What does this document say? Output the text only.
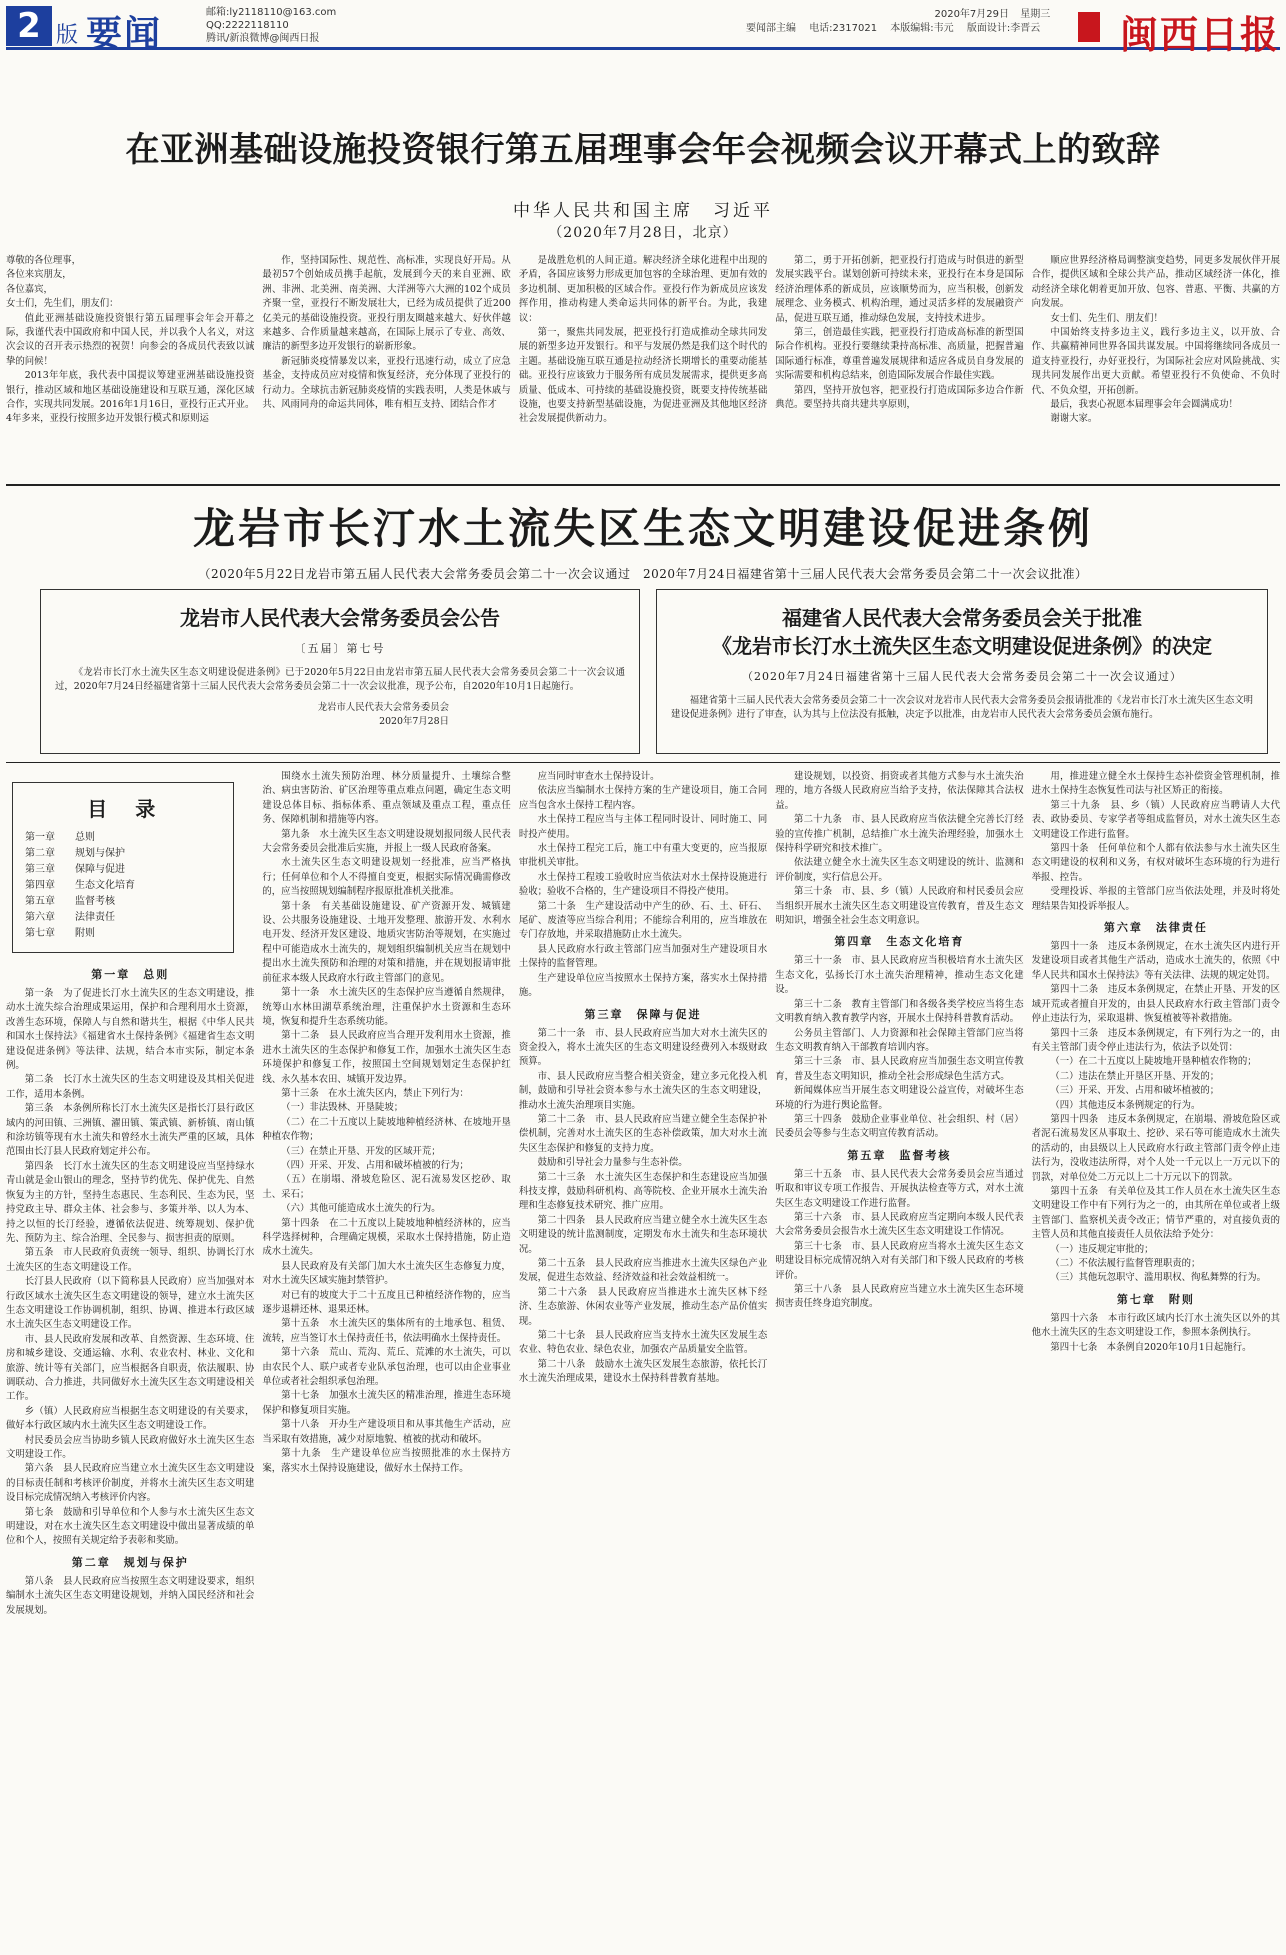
2 版 要闻
邮箱:ly2118110@163.com
QQ:2222118110
腾讯/新浪微博@闽西日报
2020年7月29日 星期三
要闻部主编 电话:2317021 本版编辑:韦元 版面设计:李晋云 闽西日报
在亚洲基础设施投资银行第五届理事会年会视频会议开幕式上的致辞
中华人民共和国主席　习近平
（2020年7月28日，北京）

尊敬的各位理事，

各位来宾朋友，

各位嘉宾，

女士们，先生们，朋友们：

值此亚洲基础设施投资银行第五届理事会年会开幕之际，我谨代表中国政府和中国人民，并以我个人名义，对这次会议的召开表示热烈的祝贺！向参会的各成员代表致以诚挚的问候！

2013年年底，我代表中国提议筹建亚洲基础设施投资银行，推动区域和地区基础设施建设和互联互通，深化区域合作，实现共同发展。2016年1月16日，亚投行正式开业。4年多来，亚投行按照多边开发银行模式和原则运

作，坚持国际性、规范性、高标准，实现良好开局。从最初57个创始成员携手起航，发展到今天的来自亚洲、欧洲、非洲、北美洲、南美洲、大洋洲等六大洲的102个成员齐聚一堂，亚投行不断发展壮大，已经为成员提供了近200亿美元的基础设施投资。亚投行朋友圈越来越大、好伙伴越来越多、合作质量越来越高，在国际上展示了专业、高效、廉洁的新型多边开发银行的崭新形象。

新冠肺炎疫情暴发以来，亚投行迅速行动，成立了应急基金，支持成员应对疫情和恢复经济，充分体现了亚投行的行动力。全球抗击新冠肺炎疫情的实践表明，人类是休戚与共、风雨同舟的命运共同体，唯有相互支持、团结合作才

是战胜危机的人间正道。解决经济全球化进程中出现的矛盾，各国应该努力形成更加包容的全球治理、更加有效的多边机制、更加积极的区域合作。亚投行作为新成员应该发挥作用，推动构建人类命运共同体的新平台。为此，我建议：

第一，聚焦共同发展，把亚投行打造成推动全球共同发展的新型多边开发银行。和平与发展仍然是我们这个时代的主题。基础设施互联互通是拉动经济长期增长的重要动能基础。亚投行应该致力于服务所有成员发展需求，提供更多高质量、低成本、可持续的基础设施投资，既要支持传统基础设施，也要支持新型基础设施，为促进亚洲及其他地区经济社会发展提供新动力。

第二，勇于开拓创新，把亚投行打造成与时俱进的新型发展实践平台。谋划创新可持续未来，亚投行在本身是国际经济治理体系的新成员，应该顺势而为，应当积极，创新发展理念、业务模式、机构治理，通过灵活多样的发展融资产品，促进互联互通，推动绿色发展，支持技术进步。

第三，创造最佳实践，把亚投行打造成高标准的新型国际合作机构。亚投行要继续秉持高标准、高质量，把握普遍国际通行标准，尊重普遍发展规律和适应各成员自身发展的实际需要和机构总结来，创造国际发展合作最佳实践。

第四，坚持开放包容，把亚投行打造成国际多边合作新典范。要坚持共商共建共享原则，

顺应世界经济格局调整演变趋势，同更多发展伙伴开展合作，提供区域和全球公共产品，推动区域经济一体化，推动经济全球化朝着更加开放、包容、普惠、平衡、共赢的方向发展。

女士们、先生们、朋友们！

中国始终支持多边主义，践行多边主义，以开放、合作、共赢精神同世界各国共谋发展。中国将继续同各成员一道支持亚投行，办好亚投行，为国际社会应对风险挑战、实现共同发展作出更大贡献。希望亚投行不负使命、不负时代、不负众望，开拓创新。

最后，我衷心祝愿本届理事会年会圆满成功！

谢谢大家。

龙岩市长汀水土流失区生态文明建设促进条例
（2020年5月22日龙岩市第五届人民代表大会常务委员会第二十一次会议通过　2020年7月24日福建省第十三届人民代表大会常务委员会第二十一次会议批准）
龙岩市人民代表大会常务委员会公告
〔五届〕第七号
《龙岩市长汀水土流失区生态文明建设促进条例》已于2020年5月22日由龙岩市第五届人民代表大会常务委员会第二十一次会议通过，2020年7月24日经福建省第十三届人民代表大会常务委员会第二十一次会议批准，现予公布，自2020年10月1日起施行。
龙岩市人民代表大会常务委员会
2020年7月28日
福建省人民代表大会常务委员会关于批准
《龙岩市长汀水土流失区生态文明建设促进条例》的决定
（2020年7月24日福建省第十三届人民代表大会常务委员会第二十一次会议通过）
福建省第十三届人民代表大会常务委员会第二十一次会议对龙岩市人民代表大会常务委员会报请批准的《龙岩市长汀水土流失区生态文明建设促进条例》进行了审查，认为其与上位法没有抵触，决定予以批准，由龙岩市人民代表大会常务委员会颁布施行。
目　录
第一章 总则
第二章 规划与保护
第三章 保障与促进
第四章 生态文化培育
第五章 监督考核
第六章 法律责任
第七章 附则

第一章　总则

第一条　为了促进长汀水土流失区的生态文明建设，推动水土流失综合治理成果运用，保护和合理利用水土资源，改善生态环境，保障人与自然和谐共生，根据《中华人民共和国水土保持法》《福建省水土保持条例》《福建省生态文明建设促进条例》等法律、法规，结合本市实际，制定本条例。

第二条　长汀水土流失区的生态文明建设及其相关促进工作，适用本条例。

第三条　本条例所称长汀水土流失区是指长汀县行政区域内的河田镇、三洲镇、濯田镇、策武镇、新桥镇、南山镇和涂坊镇等现有水土流失和曾经水土流失严重的区域，具体范围由长汀县人民政府划定并公布。

第四条　长汀水土流失区的生态文明建设应当坚持绿水青山就是金山银山的理念，坚持节约优先、保护优先、自然恢复为主的方针，坚持生态惠民、生态利民、生态为民，坚持党政主导、群众主体、社会参与、多策并举、以人为本、持之以恒的长汀经验，遵循依法促进、统筹规划、保护优先、预防为主、综合治理、全民参与、损害担责的原则。

第五条　市人民政府负责统一领导、组织、协调长汀水土流失区的生态文明建设工作。

长汀县人民政府（以下简称县人民政府）应当加强对本行政区域水土流失区生态文明建设的领导，建立水土流失区生态文明建设工作协调机制，组织、协调、推进本行政区域水土流失区生态文明建设工作。

市、县人民政府发展和改革、自然资源、生态环境、住房和城乡建设、交通运输、水利、农业农村、林业、文化和旅游、统计等有关部门，应当根据各自职责，依法履职、协调联动、合力推进，共同做好水土流失区生态文明建设相关工作。

乡（镇）人民政府应当根据生态文明建设的有关要求，做好本行政区域内水土流失区生态文明建设工作。

村民委员会应当协助乡镇人民政府做好水土流失区生态文明建设工作。

第六条　县人民政府应当建立水土流失区生态文明建设的目标责任制和考核评价制度，并将水土流失区生态文明建设目标完成情况纳入考核评价内容。

第七条　鼓励和引导单位和个人参与水土流失区生态文明建设，对在水土流失区生态文明建设中做出显著成绩的单位和个人，按照有关规定给予表彰和奖励。

第二章　规划与保护

第八条　县人民政府应当按照生态文明建设要求，组织编制水土流失区生态文明建设规划，并纳入国民经济和社会发展规划。

围绕水土流失预防治理、林分质量提升、土壤综合整治、病虫害防治、矿区治理等重点难点问题，确定生态文明建设总体目标、指标体系、重点领域及重点工程，重点任务、保障机制和措施等内容。

第九条　水土流失区生态文明建设规划报同级人民代表大会常务委员会批准后实施，并报上一级人民政府备案。

水土流失区生态文明建设规划一经批准，应当严格执行；任何单位和个人不得擅自变更，根据实际情况确需修改的，应当按照规划编制程序报原批准机关批准。

第十条　有关基础设施建设、矿产资源开发、城镇建设、公共服务设施建设、土地开发整理、旅游开发、水利水电开发、经济开发区建设、地质灾害防治等规划，在实施过程中可能造成水土流失的，规划组织编制机关应当在规划中提出水土流失预防和治理的对策和措施，并在规划报请审批前征求本级人民政府水行政主管部门的意见。

第十一条　水土流失区的生态保护应当遵循自然规律，统筹山水林田湖草系统治理，注重保护水土资源和生态环境，恢复和提升生态系统功能。

第十二条　县人民政府应当合理开发利用水土资源，推进水土流失区的生态保护和修复工作，加强水土流失区生态环境保护和修复工作，按照国土空间规划划定生态保护红线、永久基本农田、城镇开发边界。

第十三条　在水土流失区内，禁止下列行为：

（一）非法毁林、开垦陡坡；

（二）在二十五度以上陡坡地种植经济林、在坡地开垦种植农作物；

（三）在禁止开垦、开发的区域开荒；

（四）开采、开发、占用和破坏植被的行为；

（五）在崩塌、滑坡危险区、泥石流易发区挖砂、取土、采石；

（六）其他可能造成水土流失的行为。

第十四条　在二十五度以上陡坡地种植经济林的，应当科学选择树种，合理确定规模，采取水土保持措施，防止造成水土流失。

县人民政府及有关部门加大水土流失区生态修复力度，对水土流失区域实施封禁管护。

对已有的坡度大于二十五度且已种植经济作物的，应当逐步退耕还林、退果还林。

第十五条　水土流失区的集体所有的土地承包、租赁、流转，应当签订水土保持责任书，依法明确水土保持责任。

第十六条　荒山、荒沟、荒丘、荒滩的水土流失，可以由农民个人、联户或者专业队承包治理，也可以由企业事业单位或者社会组织承包治理。

第十七条　加强水土流失区的精准治理，推进生态环境保护和修复项目实施。

第十八条　开办生产建设项目和从事其他生产活动，应当采取有效措施，减少对原地貌、植被的扰动和破坏。

第十九条　生产建设单位应当按照批准的水土保持方案，落实水土保持设施建设，做好水土保持工作。

应当同时审查水土保持设计。

依法应当编制水土保持方案的生产建设项目，施工合同应当包含水土保持工程内容。

水土保持工程应当与主体工程同时设计、同时施工、同时投产使用。

水土保持工程完工后，施工中有重大变更的，应当报原审批机关审批。

水土保持工程竣工验收时应当依法对水土保持设施进行验收；验收不合格的，生产建设项目不得投产使用。

第二十条　生产建设活动中产生的砂、石、土、矸石、尾矿、废渣等应当综合利用；不能综合利用的，应当堆放在专门存放地，并采取措施防止水土流失。

县人民政府水行政主管部门应当加强对生产建设项目水土保持的监督管理。

生产建设单位应当按照水土保持方案，落实水土保持措施。

第三章　保障与促进

第二十一条　市、县人民政府应当加大对水土流失区的资金投入，将水土流失区的生态文明建设经费列入本级财政预算。

市、县人民政府应当整合相关资金，建立多元化投入机制，鼓励和引导社会资本参与水土流失区的生态文明建设，推动水土流失治理项目实施。

第二十二条　市、县人民政府应当建立健全生态保护补偿机制，完善对水土流失区的生态补偿政策，加大对水土流失区生态保护和修复的支持力度。

鼓励和引导社会力量参与生态补偿。

第二十三条　水土流失区生态保护和生态建设应当加强科技支撑，鼓励科研机构、高等院校、企业开展水土流失治理和生态修复技术研究、推广应用。

第二十四条　县人民政府应当建立健全水土流失区生态文明建设的统计监测制度，定期发布水土流失和生态环境状况。

第二十五条　县人民政府应当推进水土流失区绿色产业发展，促进生态效益、经济效益和社会效益相统一。

第二十六条　县人民政府应当推进水土流失区林下经济、生态旅游、休闲农业等产业发展，推动生态产品价值实现。

第二十七条　县人民政府应当支持水土流失区发展生态农业、特色农业、绿色农业，加强农产品质量安全监管。

第二十八条　鼓励水土流失区发展生态旅游，依托长汀水土流失治理成果，建设水土保持科普教育基地。

建设规划，以投资、捐资或者其他方式参与水土流失治理的，地方各级人民政府应当给予支持，依法保障其合法权益。

第二十九条　市、县人民政府应当依法健全完善长汀经验的宣传推广机制，总结推广水土流失治理经验，加强水土保持科学研究和技术推广。

依法建立健全水土流失区生态文明建设的统计、监测和评价制度，实行信息公开。

第三十条　市、县、乡（镇）人民政府和村民委员会应当组织开展水土流失区生态文明建设宣传教育，普及生态文明知识，增强全社会生态文明意识。

第四章　生态文化培育

第三十一条　市、县人民政府应当积极培育水土流失区生态文化，弘扬长汀水土流失治理精神，推动生态文化建设。

第三十二条　教育主管部门和各级各类学校应当将生态文明教育纳入教育教学内容，开展水土保持科普教育活动。

公务员主管部门、人力资源和社会保障主管部门应当将生态文明教育纳入干部教育培训内容。

第三十三条　市、县人民政府应当加强生态文明宣传教育，普及生态文明知识，推动全社会形成绿色生活方式。

新闻媒体应当开展生态文明建设公益宣传，对破坏生态环境的行为进行舆论监督。

第三十四条　鼓励企业事业单位、社会组织、村（居）民委员会等参与生态文明宣传教育活动。

第五章　监督考核

第三十五条　市、县人民代表大会常务委员会应当通过听取和审议专项工作报告、开展执法检查等方式，对水土流失区生态文明建设工作进行监督。

第三十六条　市、县人民政府应当定期向本级人民代表大会常务委员会报告水土流失区生态文明建设工作情况。

第三十七条　市、县人民政府应当将水土流失区生态文明建设目标完成情况纳入对有关部门和下级人民政府的考核评价。

第三十八条　县人民政府应当建立水土流失区生态环境损害责任终身追究制度。

用，推进建立健全水土保持生态补偿资金管理机制，推进水土保持生态恢复性司法与社区矫正的衔接。

第三十九条　县、乡（镇）人民政府应当聘请人大代表、政协委员、专家学者等组成监督员，对水土流失区生态文明建设工作进行监督。

第四十条　任何单位和个人都有依法参与水土流失区生态文明建设的权利和义务，有权对破坏生态环境的行为进行举报、控告。

受理投诉、举报的主管部门应当依法处理，并及时将处理结果告知投诉举报人。

第六章　法律责任

第四十一条　违反本条例规定，在水土流失区内进行开发建设项目或者其他生产活动，造成水土流失的，依照《中华人民共和国水土保持法》等有关法律、法规的规定处罚。

第四十二条　违反本条例规定，在禁止开垦、开发的区域开荒或者擅自开发的，由县人民政府水行政主管部门责令停止违法行为，采取退耕、恢复植被等补救措施。

第四十三条　违反本条例规定，有下列行为之一的，由有关主管部门责令停止违法行为，依法予以处罚：

（一）在二十五度以上陡坡地开垦种植农作物的；

（二）违法在禁止开垦区开垦、开发的；

（三）开采、开发、占用和破坏植被的；

（四）其他违反本条例规定的行为。

第四十四条　违反本条例规定，在崩塌、滑坡危险区或者泥石流易发区从事取土、挖砂、采石等可能造成水土流失的活动的，由县级以上人民政府水行政主管部门责令停止违法行为，没收违法所得，对个人处一千元以上一万元以下的罚款，对单位处二万元以上二十万元以下的罚款。

第四十五条　有关单位及其工作人员在水土流失区生态文明建设工作中有下列行为之一的，由其所在单位或者上级主管部门、监察机关责令改正；情节严重的，对直接负责的主管人员和其他直接责任人员依法给予处分：

（一）违反规定审批的；

（二）不依法履行监督管理职责的；

（三）其他玩忽职守、滥用职权、徇私舞弊的行为。

第七章　附则

第四十六条　本市行政区域内长汀水土流失区以外的其他水土流失区的生态文明建设工作，参照本条例执行。

第四十七条　本条例自2020年10月1日起施行。
